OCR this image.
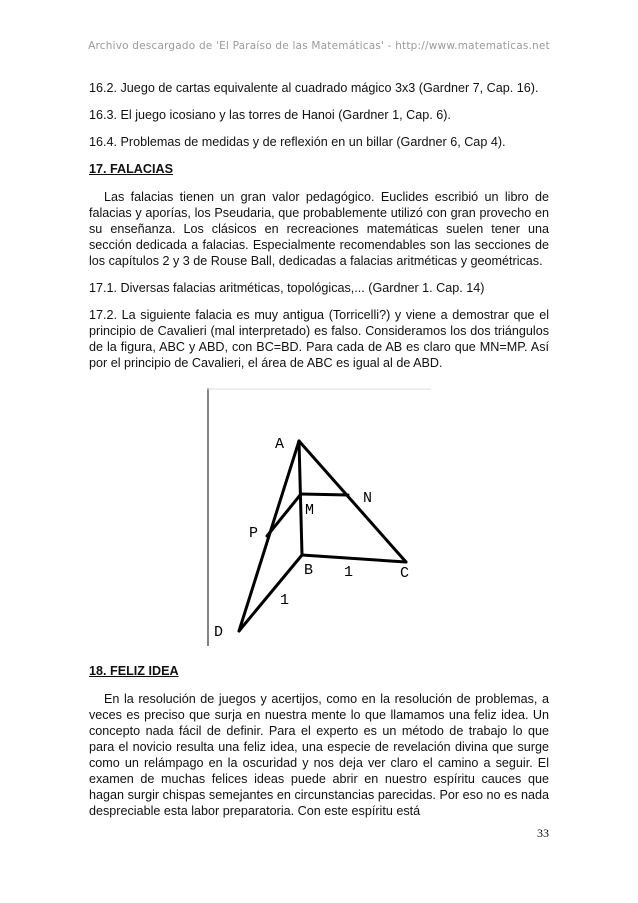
Archivo descargado de 'El Paraíso de las Matemáticas' - http://www.matematicas.net

16.2. Juego de cartas equivalente al cuadrado mágico 3x3 (Gardner 7, Cap. 16).

16.3. El juego icosiano y las torres de Hanoi (Gardner 1, Cap. 6).

16.4. Problemas de medidas y de reflexión en un billar (Gardner 6, Cap 4).

17. FALACIAS

Las falacias tienen un gran valor pedagógico. Euclides escribió un libro de falacias y aporías, los Pseudaria, que probablemente utilizó con gran provecho en su enseñanza. Los clásicos en recreaciones matemáticas suelen tener una sección dedicada a falacias. Especialmente recomendables son las secciones de los capítulos 2 y 3 de Rouse Ball, dedicadas a falacias aritméticas y geométricas.

17.1. Diversas falacias aritméticas, topológicas,... (Gardner 1. Cap. 14)

17.2. La siguiente falacia es muy antigua (Torricelli?) y viene a demostrar que el principio de Cavalieri (mal interpretado) es falso. Consideramos los dos triángulos de la figura, ABC y ABD, con BC=BD. Para cada de AB es claro que MN=MP. Así por el principio de Cavalieri, el área de ABC es igual al de ABD.

A
M
N
P
B 1	C
1
D
18. FELIZ IDEA

En la resolución de juegos y acertijos, como en la resolución de problemas, a veces es preciso que surja en nuestra mente lo que llamamos una feliz idea. Un concepto nada fácil de definir. Para el experto es un método de trabajo lo que para el novicio resulta una feliz idea, una especie de revelación divina que surge como un relámpago en la oscuridad y nos deja ver claro el camino a seguir. El examen de muchas felices ideas puede abrir en nuestro espíritu cauces que hagan surgir chispas semejantes en circunstancias parecidas. Por eso no es nada despreciable esta labor preparatoria. Con este espíritu está

33
